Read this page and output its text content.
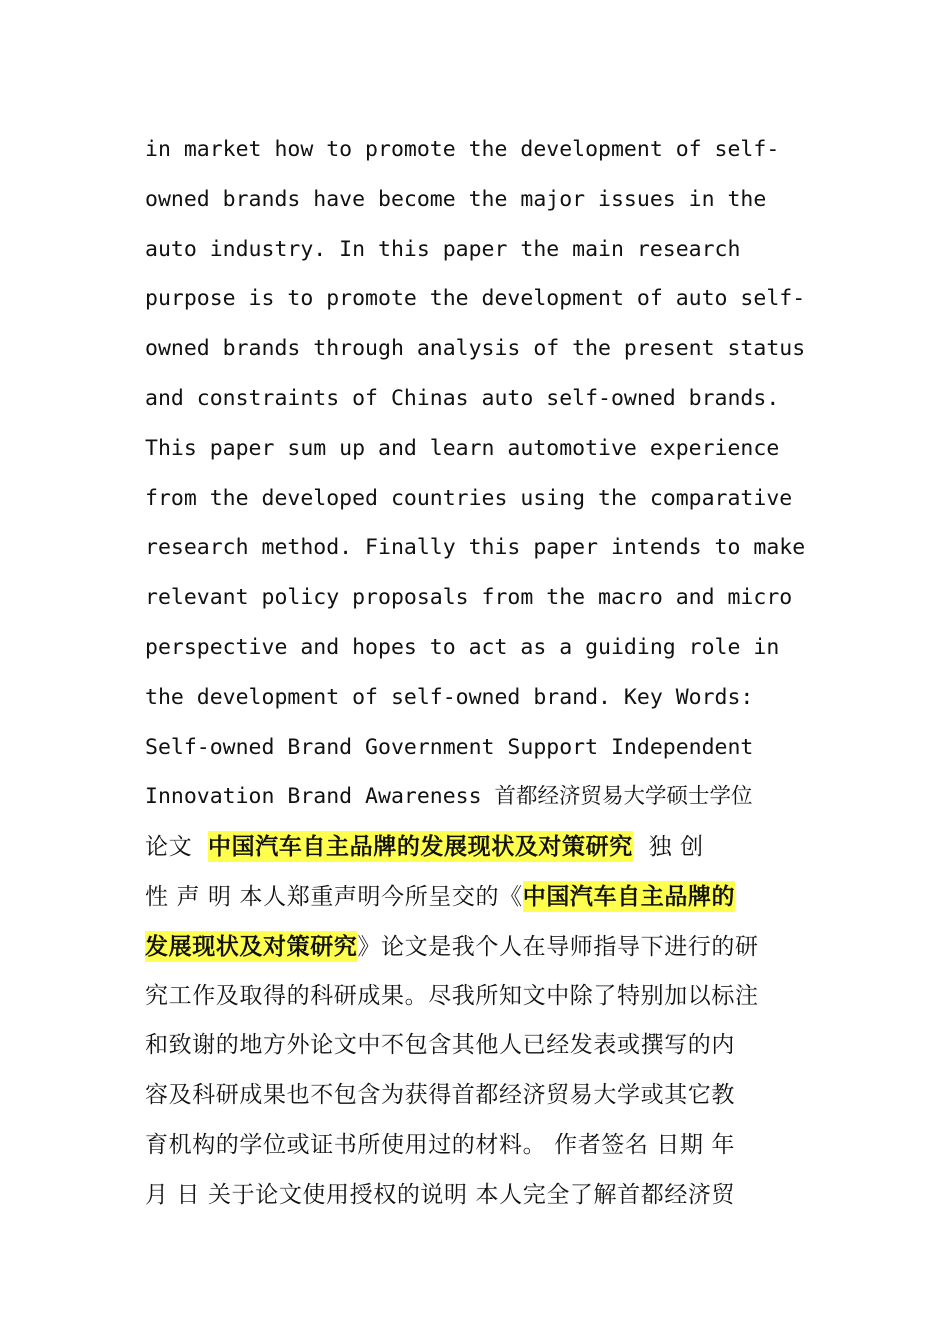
in market how to promote the development of self-
owned brands have become the major issues in the
auto industry. In this paper the main research
purpose is to promote the development of auto self-
owned brands through analysis of the present status
and constraints of Chinas auto self-owned brands.
This paper sum up and learn automotive experience
from the developed countries using the comparative
research method. Finally this paper intends to make
relevant policy proposals from the macro and micro
perspective and hopes to act as a guiding role in
the development of self-owned brand. Key Words:
Self-owned Brand Government Support Independent
Innovation Brand Awareness 首都经济贸易大学硕士学位
论文  中国汽车自主品牌的发展现状及对策研究  独 创
性 声 明 本人郑重声明今所呈交的《中国汽车自主品牌的
发展现状及对策研究》论文是我个人在导师指导下进行的研
究工作及取得的科研成果。尽我所知文中除了特别加以标注
和致谢的地方外论文中不包含其他人已经发表或撰写的内
容及科研成果也不包含为获得首都经济贸易大学或其它教
育机构的学位或证书所使用过的材料。 作者签名 日期 年
月 日 关于论文使用授权的说明 本人完全了解首都经济贸
